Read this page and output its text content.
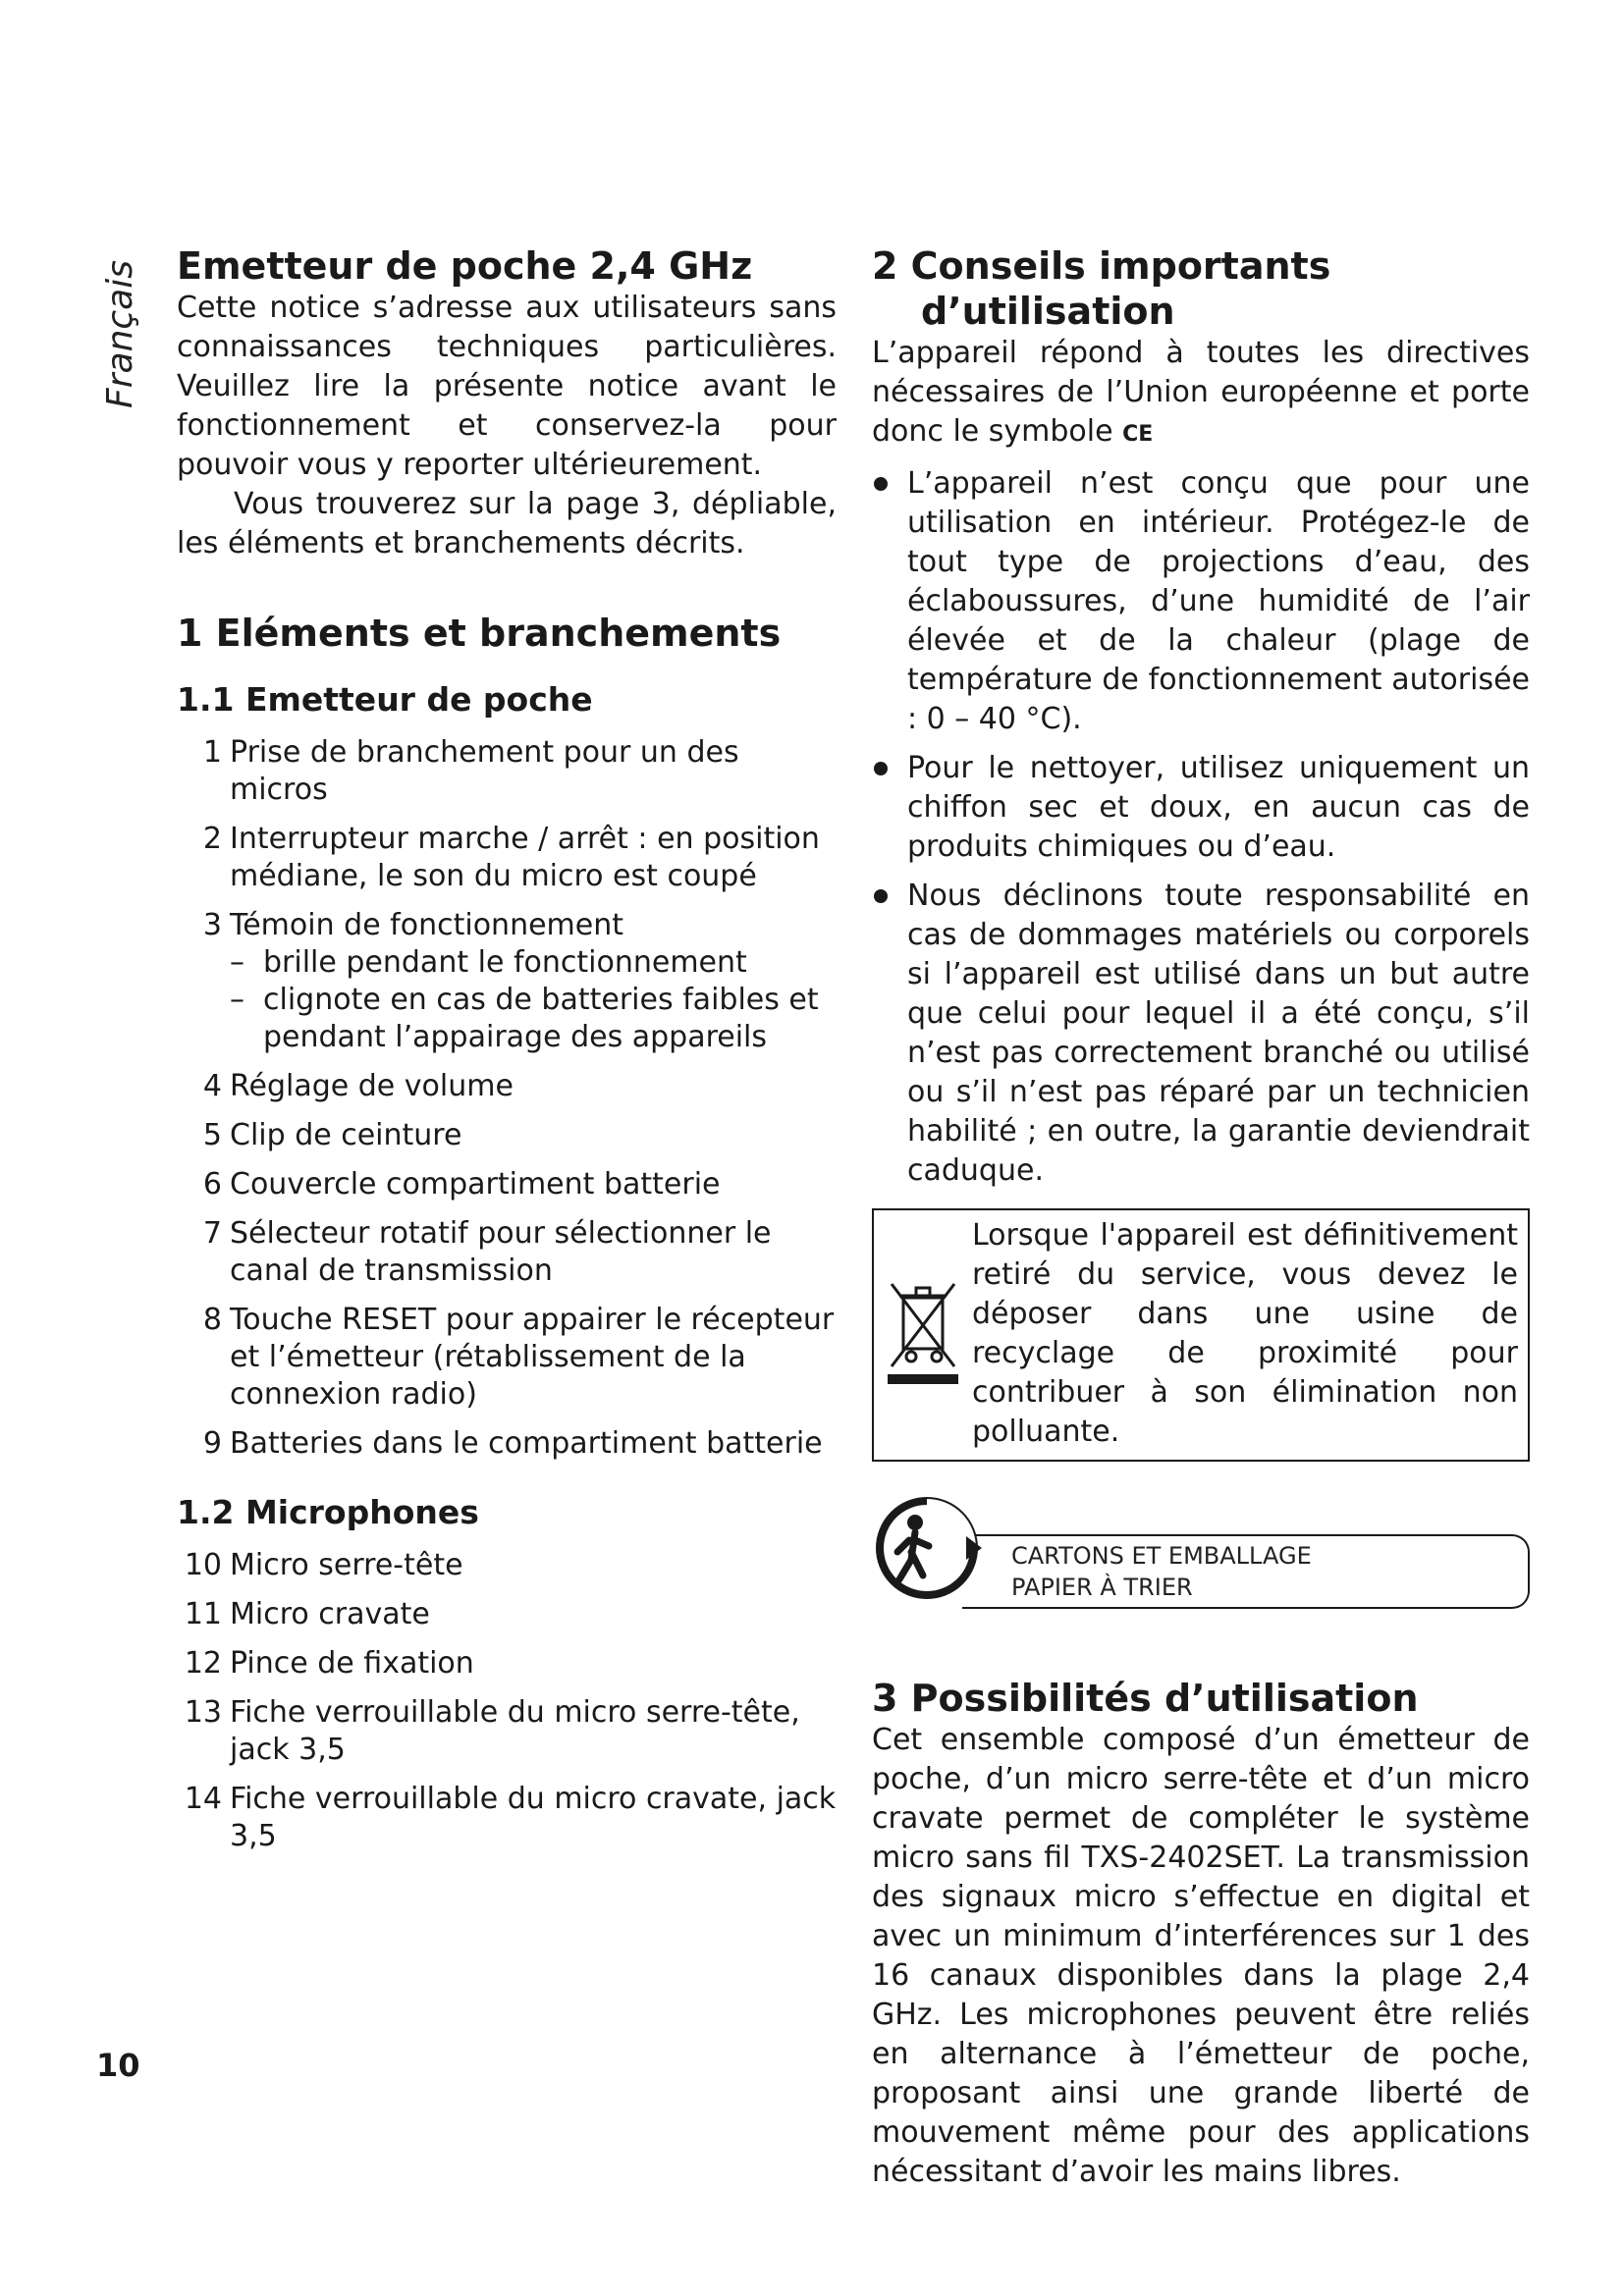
Français Emetteur de poche 2,4 GHz

Cette notice s’adresse aux utilisateurs sans connaissances techniques particulières. Veuillez lire la présente notice avant le fonctionnement et conservez-la pour pouvoir vous y reporter ultérieurement.

Vous trouverez sur la page 3, dépliable, les éléments et branchements décrits.

1 Eléments et branchements
1.1 Emetteur de poche
1 Prise de branchement pour un des micros
2 Interrupteur marche / arrêt : en position médiane, le son du micro est coupé
3 Témoin de fonctionnement
– brille pendant le fonctionnement
– clignote en cas de batteries faibles et pendant l’appairage des appareils
4 Réglage de volume
5 Clip de ceinture
6 Couvercle compartiment batterie
7 Sélecteur rotatif pour sélectionner le canal de transmission
8 Touche RESET pour appairer le récepteur et l’émetteur (rétablissement de la connexion radio)
9 Batteries dans le compartiment batterie
1.2 Microphones
10 Micro serre-tête
11 Micro cravate
12 Pince de fixation
13 Fiche verrouillable du micro serre-tête, jack 3,5
14 Fiche verrouillable du micro cravate, jack 3,5
2 Conseils importants
d’utilisation

L’appareil répond à toutes les directives nécessaires de l’Union européenne et porte donc le symbole CE

L’appareil n’est conçu que pour une utilisation en intérieur. Protégez-le de tout type de projections d’eau, des éclaboussures, d’une humidité de l’air élevée et de la chaleur (plage de température de fonctionnement autorisée : 0 – 40 °C).
Pour le nettoyer, utilisez uniquement un chiffon sec et doux, en aucun cas de produits chimiques ou d’eau.
Nous déclinons toute responsabilité en cas de dommages matériels ou corporels si l’appareil est utilisé dans un but autre que celui pour lequel il a été conçu, s’il n’est pas correctement branché ou utilisé ou s’il n’est pas réparé par un technicien habilité ; en outre, la garantie deviendrait caduque.
Lorsque l'appareil est définitivement retiré du service, vous devez le déposer dans une usine de recyclage de proximité pour contribuer à son élimination non polluante.
CARTONS ET EMBALLAGE
PAPIER À TRIER
3 Possibilités d’utilisation

Cet ensemble composé d’un émetteur de poche, d’un micro serre-tête et d’un micro cravate permet de compléter le système micro sans fil TXS-2402SET. La transmission des signaux micro s’effectue en digital et avec un minimum d’interférences sur 1 des 16 canaux disponibles dans la plage 2,4 GHz. Les microphones peuvent être reliés en alternance à l’émetteur de poche, proposant ainsi une grande liberté de mouvement même pour des applications nécessitant d’avoir les mains libres.

10
